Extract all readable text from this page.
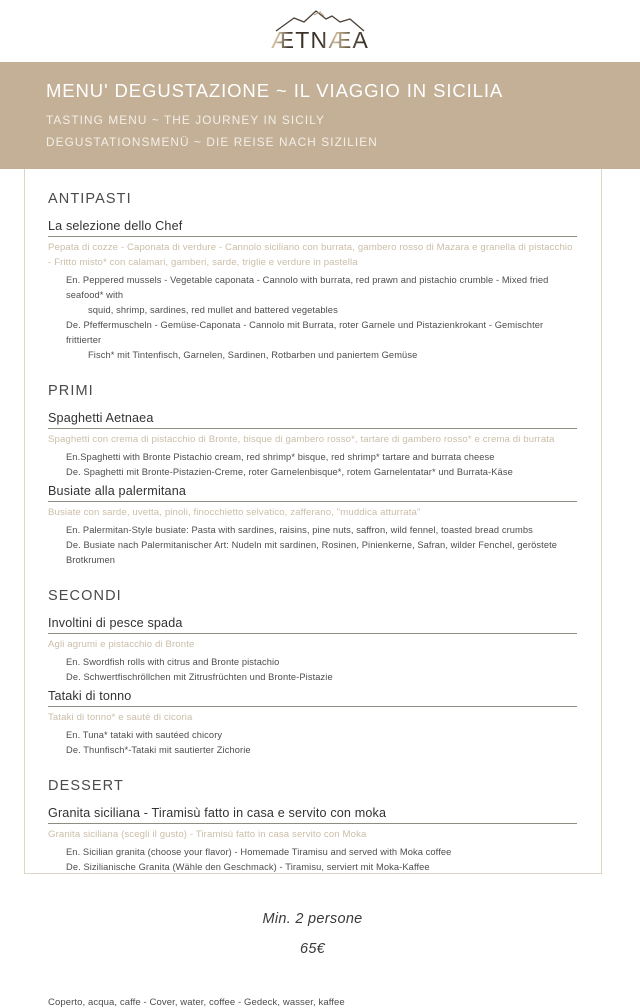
ÆTNÆA
MENU' DEGUSTAZIONE ~ IL VIAGGIO IN SICILIA
TASTING MENU ~ THE JOURNEY IN SICILY
DEGUSTATIONSMENÜ ~ DIE REISE NACH SIZILIEN
ANTIPASTI
La selezione dello Chef
Pepata di cozze - Caponata di verdure - Cannolo siciliano con burrata, gambero rosso di Mazara e granella di pistacchio - Fritto misto* con calamari, gamberi, sarde, triglie e verdure in pastella
En. Peppered mussels - Vegetable caponata - Cannolo with burrata, red prawn and pistachio crumble - Mixed fried seafood* with
squid, shrimp, sardines, red mullet and battered vegetables
De. Pfeffermuscheln - Gemüse-Caponata - Cannolo mit Burrata, roter Garnele und Pistazienkrokant - Gemischter frittierter
Fisch* mit Tintenfisch, Garnelen, Sardinen, Rotbarben und paniertem Gemüse
PRIMI
Spaghetti Aetnaea
Spaghetti con crema di pistacchio di Bronte, bisque di gambero rosso*, tartare di gambero rosso* e crema di burrata
En.Spaghetti with Bronte Pistachio cream, red shrimp* bisque, red shrimp* tartare and burrata cheese
De. Spaghetti mit Bronte-Pistazien-Creme, roter Garnelenbisque*, rotem Garnelentatar* und Burrata-Käse
Busiate alla palermitana
Busiate con sarde, uvetta, pinoli, finocchietto selvatico, zafferano, "muddica atturrata"
En. Palermitan-Style busiate: Pasta with sardines, raisins, pine nuts, saffron, wild fennel, toasted bread crumbs
De. Busiate nach Palermitanischer Art: Nudeln mit sardinen, Rosinen, Pinienkerne, Safran, wilder Fenchel, geröstete Brotkrumen
SECONDI
Involtini di pesce spada
Agli agrumi e pistacchio di Bronte
En. Swordfish rolls with citrus and Bronte pistachio
De. Schwertfischröllchen mit Zitrusfrüchten und Bronte-Pistazie
Tataki di tonno
Tataki di tonno* e sauté di cicoria
En. Tuna* tataki with sautéed chicory
De. Thunfisch*-Tataki mit sautierter Zichorie
DESSERT
Granita siciliana - Tiramisù fatto in casa e servito con moka
Granita siciliana (scegli il gusto) - Tiramisù fatto in casa servito con Moka
En. Sicilian granita (choose your flavor) - Homemade Tiramisu and served with Moka coffee
De. Sizilianische Granita (Wähle den Geschmack) - Tiramisu, serviert mit Moka-Kaffee
Min. 2 persone
65€
Coperto, acqua, caffe - Cover, water, coffee - Gedeck, wasser, kaffee
